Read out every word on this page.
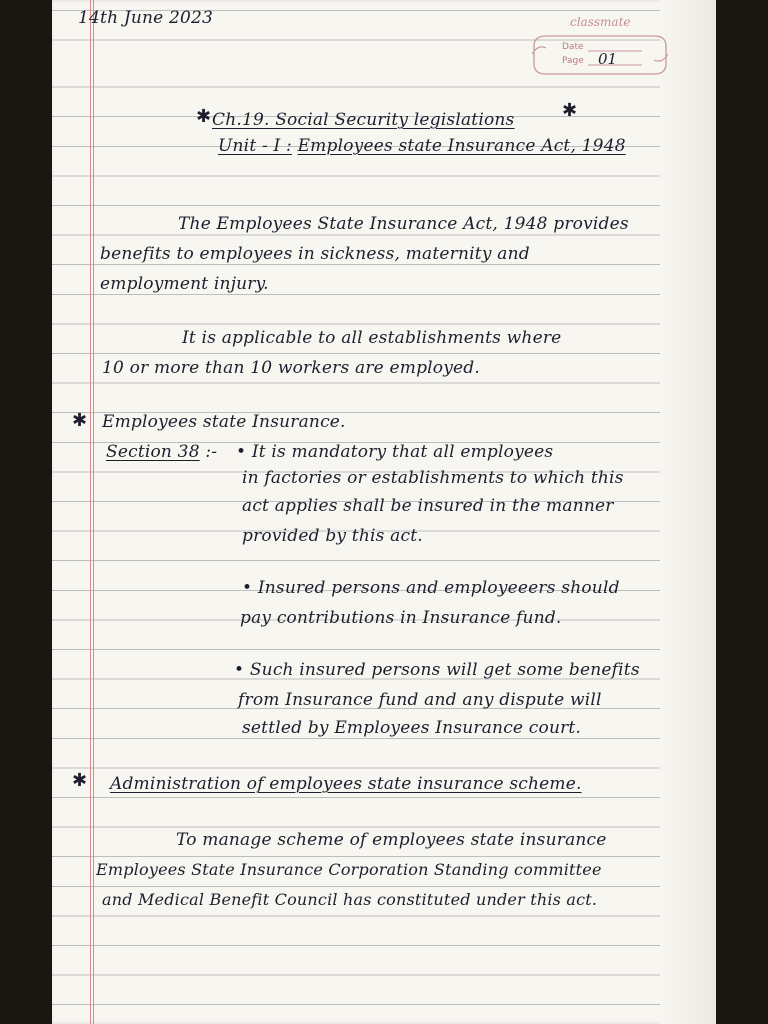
14th June 2023	classmate
Date
Page 01
✱ Ch.19. Social Security legislations	✱
Unit - I : Employees state Insurance Act, 1948
The Employees State Insurance Act, 1948 provides
benefits to employees in sickness, maternity and
employment injury.
It is applicable to all establishments where
10 or more than 10 workers are employed.
✱ Employees state Insurance.
Section 38 :- • It is mandatory that all employees
in factories or establishments to which this
act applies shall be insured in the manner
provided by this act.
• Insured persons and employeeers should
pay contributions in Insurance fund.
• Such insured persons will get some benefits
from Insurance fund and any dispute will
settled by Employees Insurance court.
✱ Administration of employees state insurance scheme.
To manage scheme of employees state insurance
Employees State Insurance Corporation Standing committee
and Medical Benefit Council has constituted under this act.
